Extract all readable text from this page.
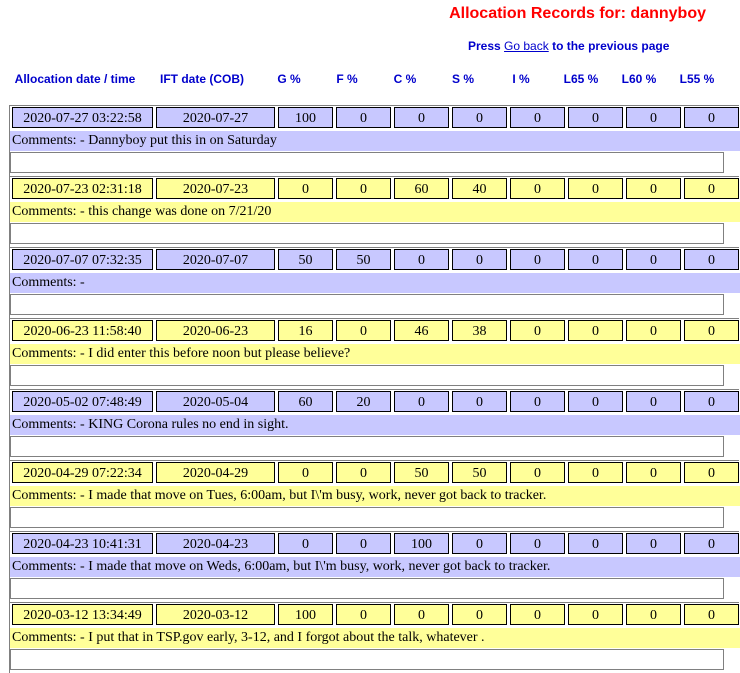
Allocation Records for: dannyboy
Press Go back to the previous page
Allocation date / time	IFT date (COB)	G %	F %	C %	S %	I %	L65 %	L60 %	L55 %
2020-07-27 03:22:58	2020-07-27	100	0	0	0	0	0	0	0
Comments: - Dannyboy put this in on Saturday
2020-07-23 02:31:18	2020-07-23	0	0	60	40	0	0	0	0
Comments: - this change was done on 7/21/20
2020-07-07 07:32:35	2020-07-07	50	50	0	0	0	0	0	0
Comments: -
2020-06-23 11:58:40	2020-06-23	16	0	46	38	0	0	0	0
Comments: - I did enter this before noon but please believe?
2020-05-02 07:48:49	2020-05-04	60	20	0	0	0	0	0	0
Comments: - KING Corona rules no end in sight.
2020-04-29 07:22:34	2020-04-29	0	0	50	50	0	0	0	0
Comments: - I made that move on Tues, 6:00am, but I\'m busy, work, never got back to tracker.
2020-04-23 10:41:31	2020-04-23	0	0	100	0	0	0	0	0
Comments: - I made that move on Weds, 6:00am, but I\'m busy, work, never got back to tracker.
2020-03-12 13:34:49	2020-03-12	100	0	0	0	0	0	0	0
Comments: - I put that in TSP.gov early, 3-12, and I forgot about the talk, whatever .
